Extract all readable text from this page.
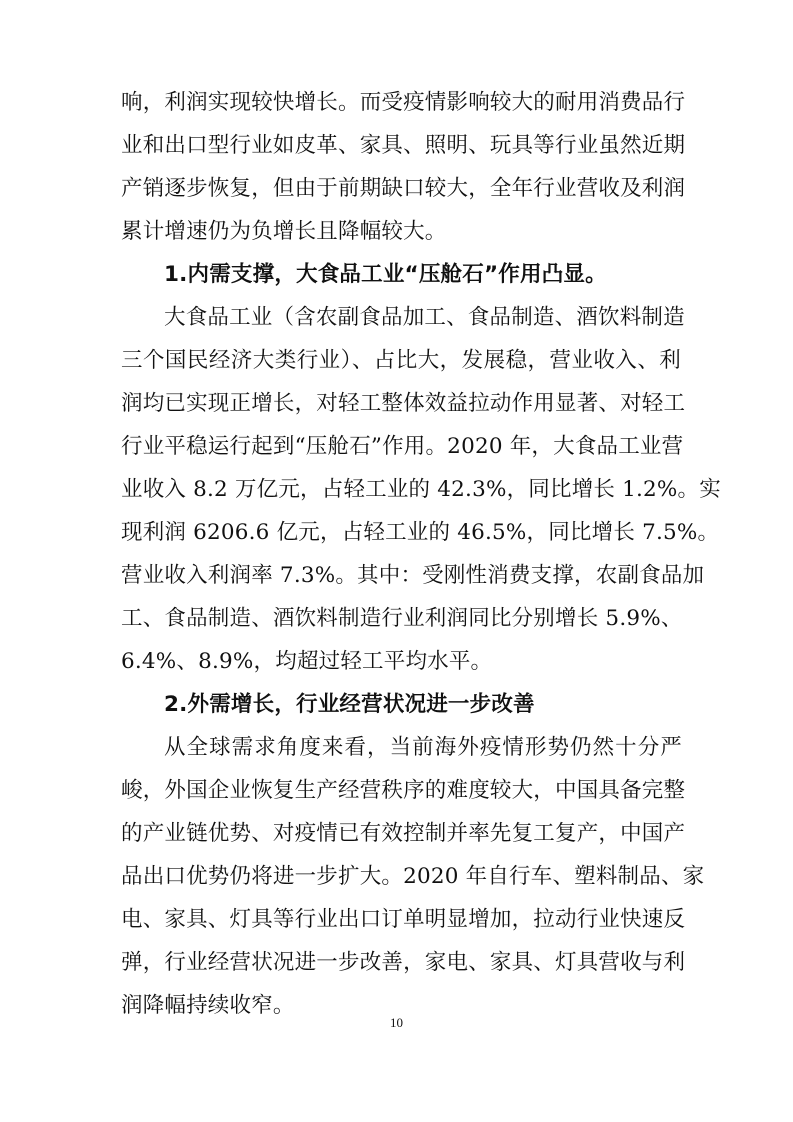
响，利润实现较快增长。而受疫情影响较大的耐用消费品行
业和出口型行业如皮革、家具、照明、玩具等行业虽然近期
产销逐步恢复，但由于前期缺口较大，全年行业营收及利润
累计增速仍为负增长且降幅较大。
1.内需支撑，大食品工业“压舱石”作用凸显。
大食品工业（含农副食品加工、食品制造、酒饮料制造
三个国民经济大类行业）、占比大，发展稳，营业收入、利
润均已实现正增长，对轻工整体效益拉动作用显著、对轻工
行业平稳运行起到“压舱石”作用。2020 年，大食品工业营
业收入 8.2 万亿元，占轻工业的 42.3%，同比增长 1.2%。实
现利润 6206.6 亿元，占轻工业的 46.5%，同比增长 7.5%。
营业收入利润率 7.3%。其中：受刚性消费支撑，农副食品加
工、食品制造、酒饮料制造行业利润同比分别增长 5.9%、
6.4%、8.9%，均超过轻工平均水平。
2.外需增长，行业经营状况进一步改善
从全球需求角度来看，当前海外疫情形势仍然十分严
峻，外国企业恢复生产经营秩序的难度较大，中国具备完整
的产业链优势、对疫情已有效控制并率先复工复产，中国产
品出口优势仍将进一步扩大。2020 年自行车、塑料制品、家
电、家具、灯具等行业出口订单明显增加，拉动行业快速反
弹，行业经营状况进一步改善，家电、家具、灯具营收与利
润降幅持续收窄。
10
